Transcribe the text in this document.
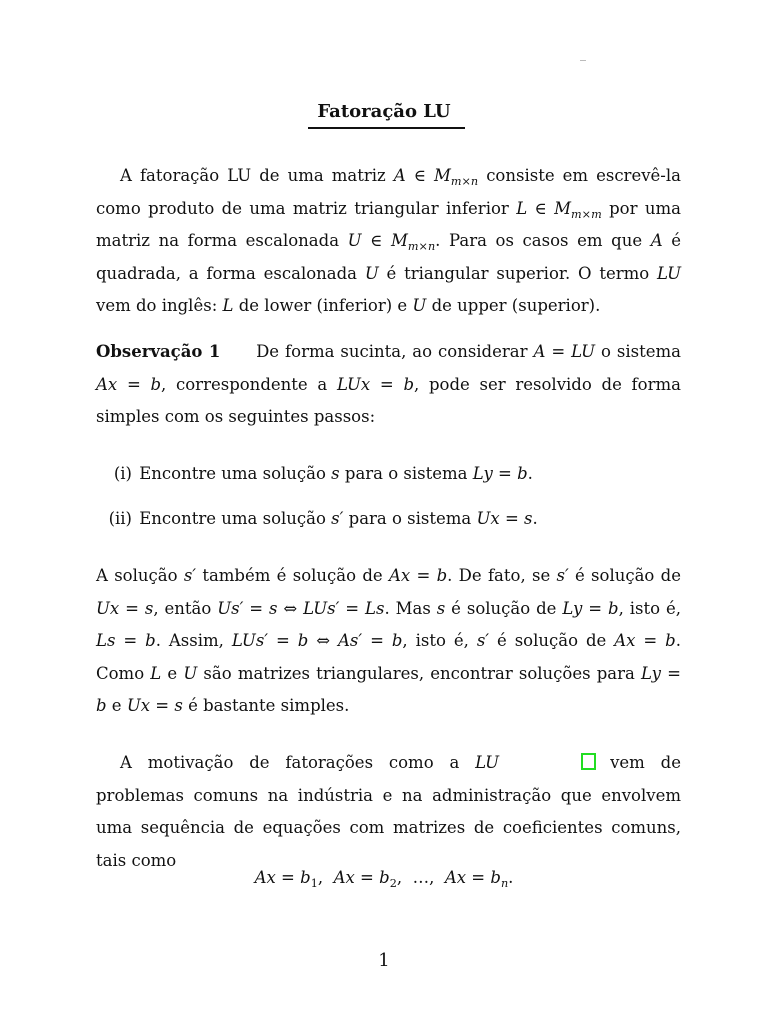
Fatoração LU

A fatoração LU de uma matriz A ∈ $M_{m\times n}$ consiste em escrevê-la como produto de uma matriz triangular inferior L ∈ $M_{m\times m}$ por uma matriz na forma escalonada U ∈ $M_{m\times n}$. Para os casos em que A é quadrada, a forma escalonada U é triangular superior. O termo LU vem do inglês: L de lower (inferior) e U de upper (superior).

Observação 1 De forma sucinta, ao considerar A = LU o sistema Ax = b, correspondente a LUx = b, pode ser resolvido de forma simples com os seguintes passos:

(i) Encontre uma solução s para o sistema Ly = b.
(ii) Encontre uma solução s′ para o sistema Ux = s.

A solução s′ também é solução de Ax = b. De fato, se s′ é solução de Ux = s, então Us′ = s ⇔ LUs′ = Ls. Mas s é solução de Ly = b, isto é, Ls = b. Assim, LUs′ = b ⇔ As′ = b, isto é, s′ é solução de Ax = b. Como L e U são matrizes triangulares, encontrar soluções para Ly = b e Ux = s é bastante simples.

A motivação de fatorações como a LU	vem de problemas comuns na indústria e na administração que envolvem uma sequência de equações com matrizes de coeficientes comuns, tais como

$Ax = b_1$,  $Ax = b_2$,  …,  $Ax = b_n$.
1
